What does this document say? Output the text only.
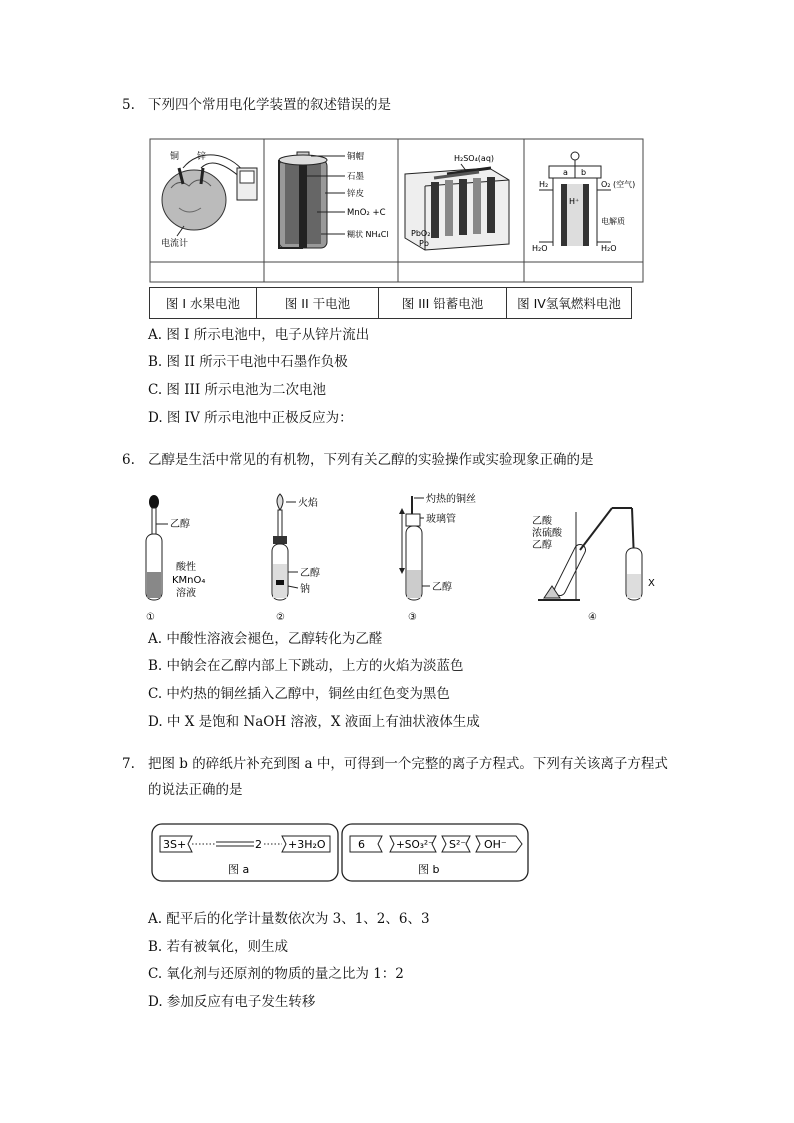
5. 下列四个常用电化学装置的叙述错误的是
铜 锌
电流计
铜帽
石墨
锌皮
MnO₂ +C
糊状 NH₄Cl
H₂SO₄(aq)
PbO₂
Pb
a b
H₂	O₂ (空气)
H⁺
电解质
H₂O	H₂O
图 I 水果电池	图 II 干电池	图 III 铅蓄电池	图 IV氢氧燃料电池
A. 图 I 所示电池中，电子从锌片流出
B. 图 II 所示干电池中石墨作负极
C. 图 III 所示电池为二次电池
D. 图 IV 所示电池中正极反应为：
6. 乙醇是生活中常见的有机物，下列有关乙醇的实验操作或实验现象正确的是
乙醇
酸性
KMnO₄
溶液
①
火焰
乙醇
钠
②
灼热的铜丝
玻璃管
乙醇
③
乙酸
浓硫酸
乙醇
X
④
A. 中酸性溶液会褪色，乙醇转化为乙醛
B. 中钠会在乙醇内部上下跳动，上方的火焰为淡蓝色
C. 中灼热的铜丝插入乙醇中，铜丝由红色变为黑色
D. 中 X 是饱和 NaOH 溶液，X 液面上有油状液体生成
7. 把图 b 的碎纸片补充到图 a 中，可得到一个完整的离子方程式。下列有关该离子方程式
的说法正确的是
3S+	2 +3H₂O
图 a
6	+SO₃²⁻ S²⁻ OH⁻
图 b
A. 配平后的化学计量数依次为 3、1、2、6、3
B. 若有被氧化，则生成
C. 氧化剂与还原剂的物质的量之比为 1：2
D. 参加反应有电子发生转移
